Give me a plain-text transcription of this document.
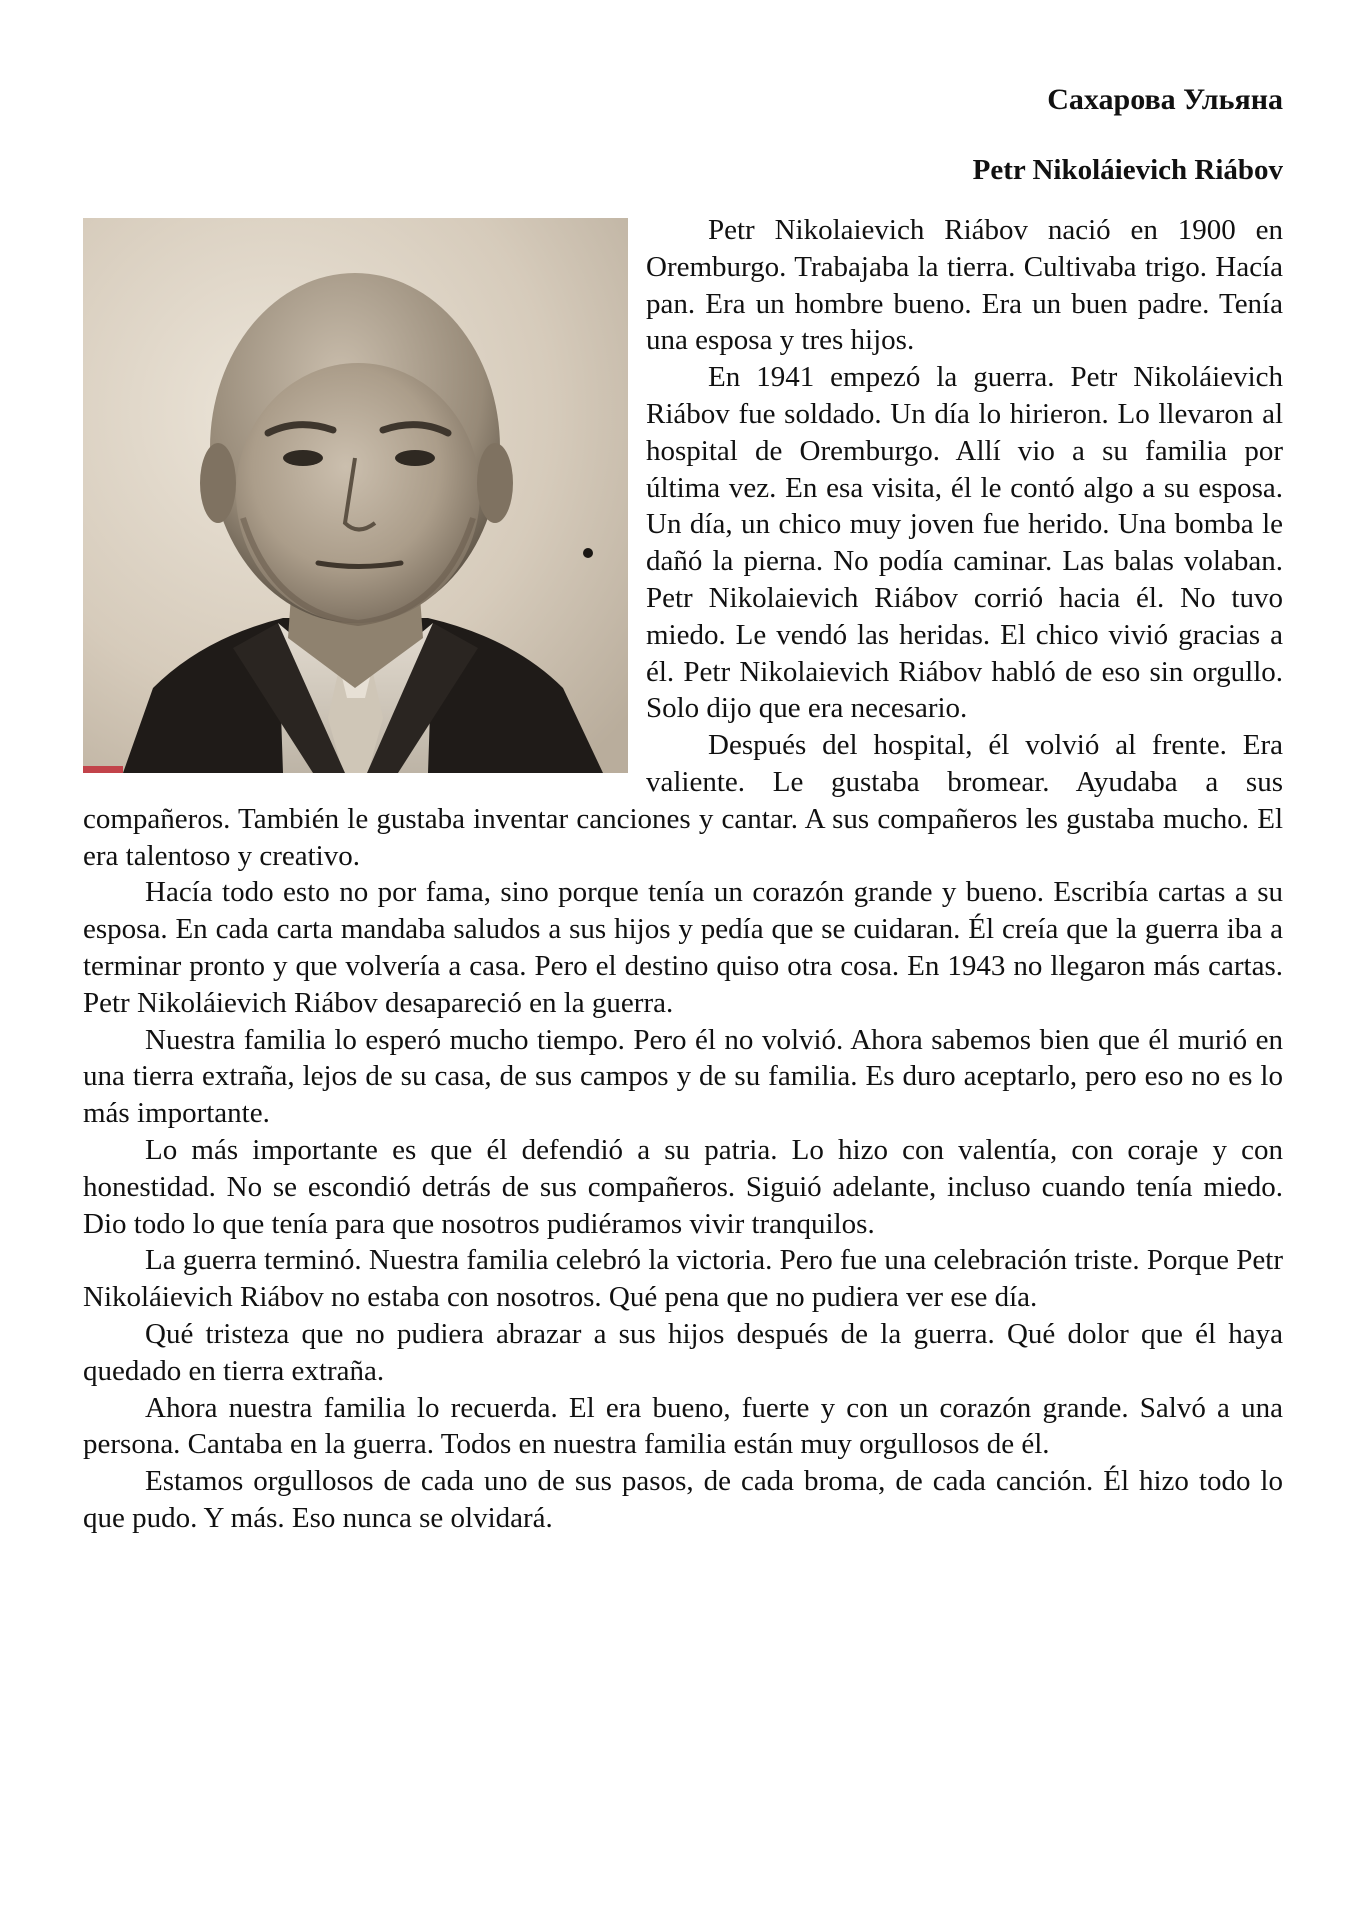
Сахарова Ульяна
Petr Nikoláievich Riábov

Petr Nikolaievich Riábov nació en 1900 en Oremburgo. Trabajaba la tierra. Cultivaba trigo. Hacía pan. Era un hombre bueno. Era un buen padre. Tenía una esposa y tres hijos.

En 1941 empezó la guerra. Petr Nikoláievich Riábov fue soldado. Un día lo hirieron. Lo llevaron al hospital de Oremburgo. Allí vio a su familia por última vez. En esa visita, él le contó algo a su esposa. Un día, un chico muy joven fue herido. Una bomba le dañó la pierna. No podía caminar. Las balas volaban. Petr Nikolaievich Riábov corrió hacia él. No tuvo miedo. Le vendó las heridas. El chico vivió gracias a él. Petr Nikolaievich Riábov habló de eso sin orgullo. Solo dijo que era necesario.

Después del hospital, él volvió al frente. Era valiente. Le gustaba bromear. Ayudaba a sus compañeros. También le gustaba inventar canciones y cantar. A sus compañeros les gustaba mucho. El era talentoso y creativo.

Hacía todo esto no por fama, sino porque tenía un corazón grande y bueno. Escribía cartas a su esposa. En cada carta mandaba saludos a sus hijos y pedía que se cuidaran. Él creía que la guerra iba a terminar pronto y que volvería a casa. Pero el destino quiso otra cosa. En 1943 no llegaron más cartas. Petr Nikoláievich Riábov desapareció en la guerra.

Nuestra familia lo esperó mucho tiempo. Pero él no volvió. Ahora sabemos bien que él murió en una tierra extraña, lejos de su casa, de sus campos y de su familia. Es duro aceptarlo, pero eso no es lo más importante.

Lo más importante es que él defendió a su patria. Lo hizo con valentía, con coraje y con honestidad. No se escondió detrás de sus compañeros. Siguió adelante, incluso cuando tenía miedo. Dio todo lo que tenía para que nosotros pudiéramos vivir tranquilos.

La guerra terminó. Nuestra familia celebró la victoria. Pero fue una celebración triste. Porque Petr Nikoláievich Riábov no estaba con nosotros. Qué pena que no pudiera ver ese día.

Qué tristeza que no pudiera abrazar a sus hijos después de la guerra. Qué dolor que él haya quedado en tierra extraña.

Ahora nuestra familia lo recuerda. El era bueno, fuerte y con un corazón grande. Salvó a una persona. Cantaba en la guerra. Todos en nuestra familia están muy orgullosos de él.

Estamos orgullosos de cada uno de sus pasos, de cada broma, de cada canción. Él hizo todo lo que pudo. Y más. Eso nunca se olvidará.
